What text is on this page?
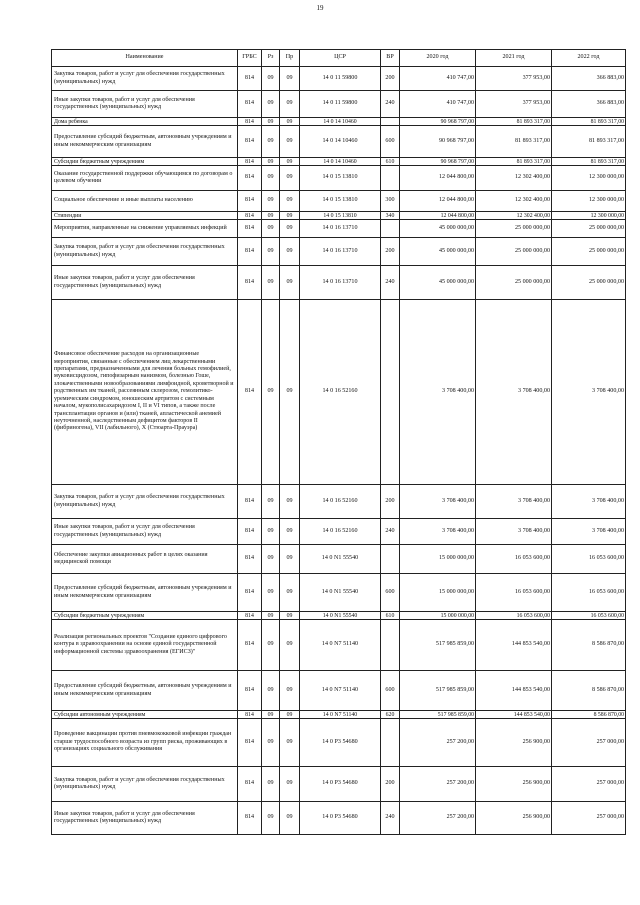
19
Наименование	ГРБС	Рз	Пр	ЦСР	ВР	2020 год	2021 год	2022 год
Закупка товаров, работ и услуг для обеспечения государственных (муниципальных) нужд	814	09	09	14 0 11 59800	200	410 747,00	377 953,00	366 883,00
Иные закупки товаров, работ и услуг для обеспечения государственных (муниципальных) нужд	814	09	09	14 0 11 59800	240	410 747,00	377 953,00	366 883,00
Дома ребенка	814	09	09	14 0 14 10460		90 968 797,00	81 893 317,00	81 893 317,00
Предоставление субсидий бюджетным, автономным учреждениям и иным некоммерческим организациям	814	09	09	14 0 14 10460	600	90 968 797,00	81 893 317,00	81 893 317,00
Субсидии бюджетным учреждениям	814	09	09	14 0 14 10460	610	90 968 797,00	81 893 317,00	81 893 317,00
Оказание государственной поддержки обучающимся по договорам о целевом обучении	814	09	09	14 0 15 13810		12 044 800,00	12 302 400,00	12 300 000,00
Социальное обеспечение и иные выплаты населению	814	09	09	14 0 15 13810	300	12 044 800,00	12 302 400,00	12 300 000,00
Стипендии	814	09	09	14 0 15 13810	340	12 044 800,00	12 302 400,00	12 300 000,00
Мероприятия, направленные на снижение управляемых инфекций	814	09	09	14 0 16 13710		45 000 000,00	25 000 000,00	25 000 000,00
Закупка товаров, работ и услуг для обеспечения государственных (муниципальных) нужд	814	09	09	14 0 16 13710	200	45 000 000,00	25 000 000,00	25 000 000,00
Иные закупки товаров, работ и услуг для обеспечения государственных (муниципальных) нужд	814	09	09	14 0 16 13710	240	45 000 000,00	25 000 000,00	25 000 000,00
Финансовое обеспечение расходов на организационные мероприятия, связанные с обеспечением лиц лекарственными препаратами, предназначенными для лечения больных гемофилией, муковисцидозом, гипофизарным нанизмом, болезнью Гоше, злокачественными новообразованиями лимфоидной, кроветворной и родственных им тканей, рассеянным склерозом, гемолитико-уремическим синдромом, юношеским артритом с системным началом, мукополисахаридозом I, II и VI типов, а также после трансплантации органов и (или) тканей, апластической анемией неуточненной, наследственным дефицитом факторов II (фибриногена), VII (лабильного), X (Стюарта-Прауэра)	814	09	09	14 0 16 52160		3 708 400,00	3 708 400,00	3 708 400,00
Закупка товаров, работ и услуг для обеспечения государственных (муниципальных) нужд	814	09	09	14 0 16 52160	200	3 708 400,00	3 708 400,00	3 708 400,00
Иные закупки товаров, работ и услуг для обеспечения государственных (муниципальных) нужд	814	09	09	14 0 16 52160	240	3 708 400,00	3 708 400,00	3 708 400,00
Обеспечение закупки авиационных работ в целях оказания медицинской помощи	814	09	09	14 0 N1 55540		15 000 000,00	16 053 600,00	16 053 600,00
Предоставление субсидий бюджетным, автономным учреждениям и иным некоммерческим организациям	814	09	09	14 0 N1 55540	600	15 000 000,00	16 053 600,00	16 053 600,00
Субсидии бюджетным учреждениям	814	09	09	14 0 N1 55540	610	15 000 000,00	16 053 600,00	16 053 600,00
Реализация региональных проектов "Создание единого цифрового контура в здравоохранении на основе единой государственной информационной системы здравоохранения (ЕГИСЗ)"	814	09	09	14 0 N7 51140		517 985 859,00	144 853 540,00	8 586 870,00
Предоставление субсидий бюджетным, автономным учреждениям и иным некоммерческим организациям	814	09	09	14 0 N7 51140	600	517 985 859,00	144 853 540,00	8 586 870,00
Субсидии автономным учреждениям	814	09	09	14 0 N7 51140	620	517 985 859,00	144 853 540,00	8 586 870,00
Проведение вакцинации против пневмококковой инфекции граждан старше трудоспособного возраста из групп риска, проживающих в организациях социального обслуживания	814	09	09	14 0 P3 54680		257 200,00	256 900,00	257 000,00
Закупка товаров, работ и услуг для обеспечения государственных (муниципальных) нужд	814	09	09	14 0 P3 54680	200	257 200,00	256 900,00	257 000,00
Иные закупки товаров, работ и услуг для обеспечения государственных (муниципальных) нужд	814	09	09	14 0 P3 54680	240	257 200,00	256 900,00	257 000,00
